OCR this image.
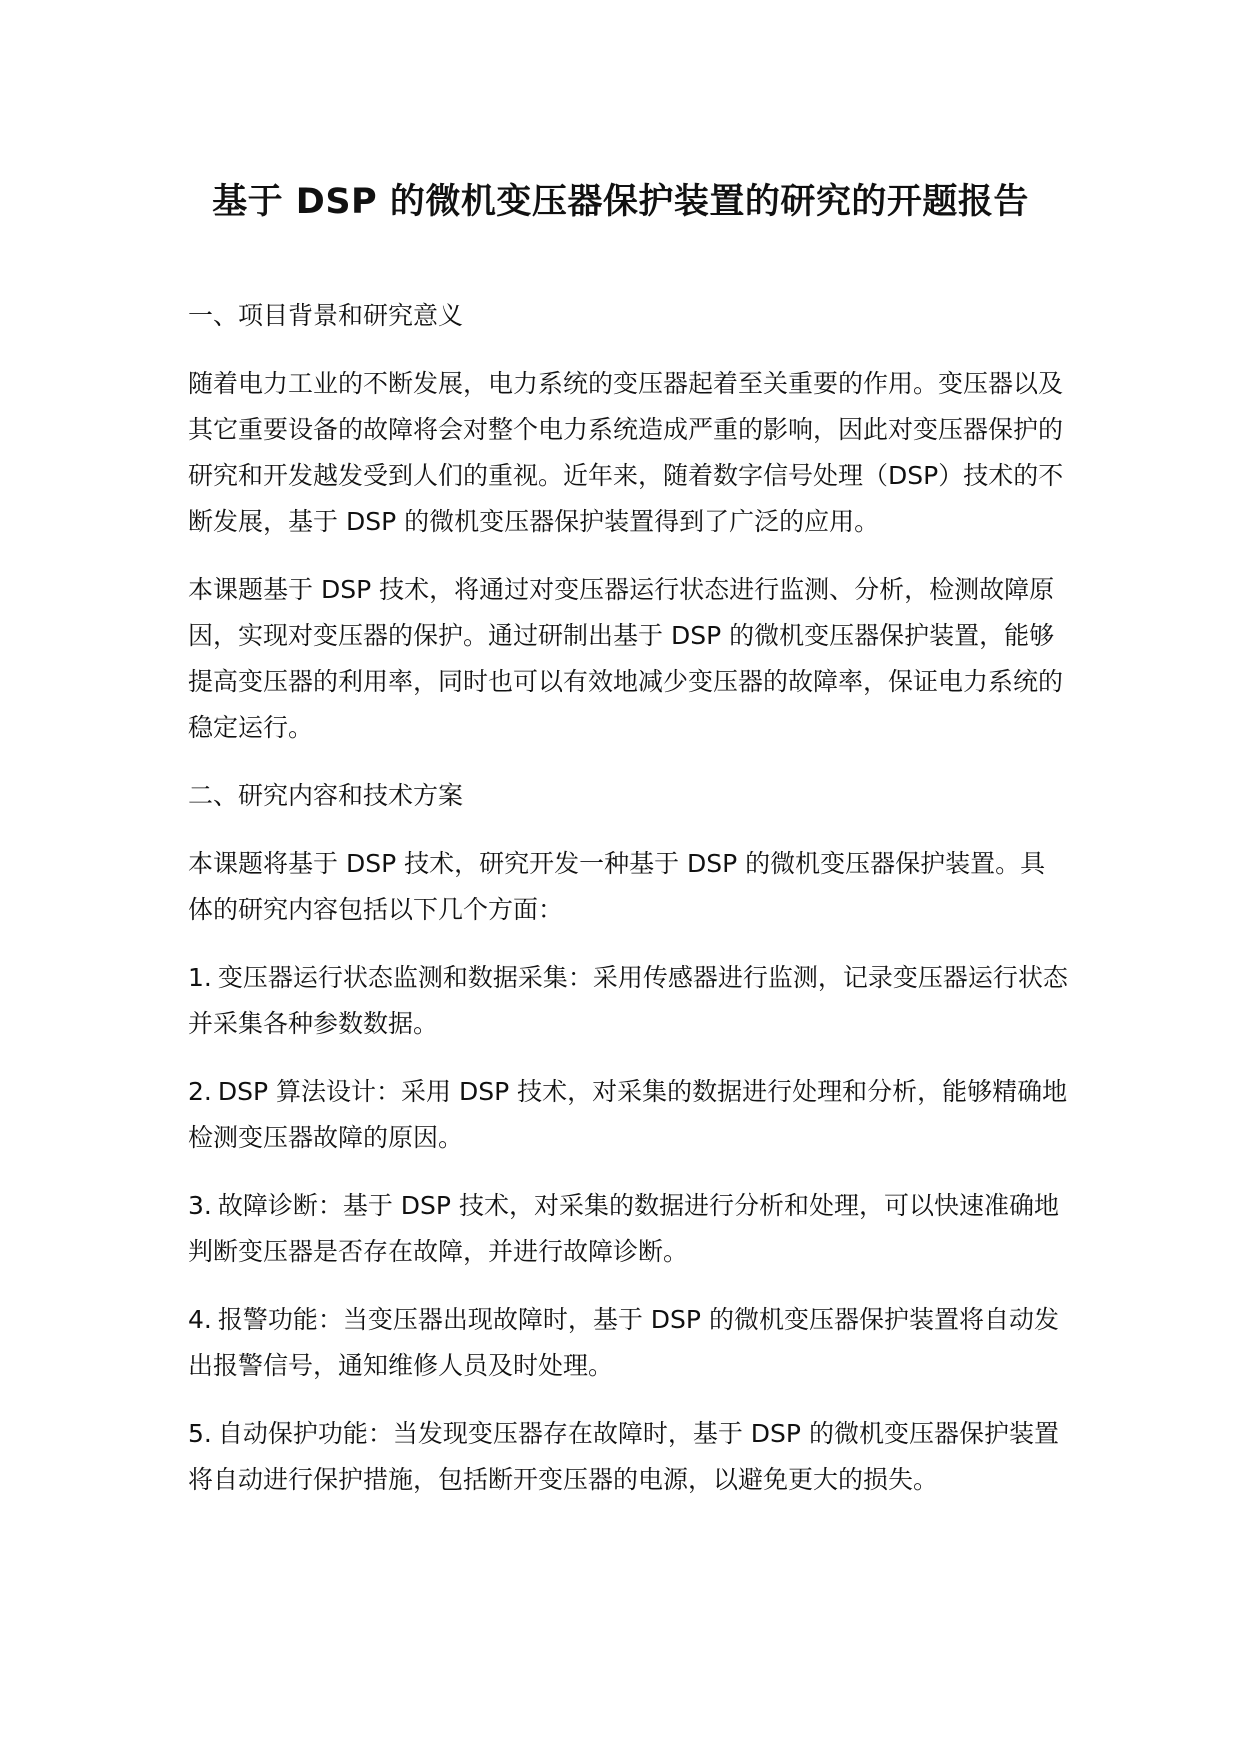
基于 DSP 的微机变压器保护装置的研究的开题报告

一、项目背景和研究意义

随着电力工业的不断发展，电力系统的变压器起着至关重要的作用。变压器以及其它重要设备的故障将会对整个电力系统造成严重的影响，因此对变压器保护的研究和开发越发受到人们的重视。近年来，随着数字信号处理（DSP）技术的不断发展，基于 DSP 的微机变压器保护装置得到了广泛的应用。

本课题基于 DSP 技术，将通过对变压器运行状态进行监测、分析，检测故障原因，实现对变压器的保护。通过研制出基于 DSP 的微机变压器保护装置，能够提高变压器的利用率，同时也可以有效地减少变压器的故障率，保证电力系统的稳定运行。

二、研究内容和技术方案

本课题将基于 DSP 技术，研究开发一种基于 DSP 的微机变压器保护装置。具体的研究内容包括以下几个方面：

1. 变压器运行状态监测和数据采集：采用传感器进行监测，记录变压器运行状态并采集各种参数数据。

2. DSP 算法设计：采用 DSP 技术，对采集的数据进行处理和分析，能够精确地检测变压器故障的原因。

3. 故障诊断：基于 DSP 技术，对采集的数据进行分析和处理，可以快速准确地判断变压器是否存在故障，并进行故障诊断。

4. 报警功能：当变压器出现故障时，基于 DSP 的微机变压器保护装置将自动发出报警信号，通知维修人员及时处理。

5. 自动保护功能：当发现变压器存在故障时，基于 DSP 的微机变压器保护装置将自动进行保护措施，包括断开变压器的电源，以避免更大的损失。
